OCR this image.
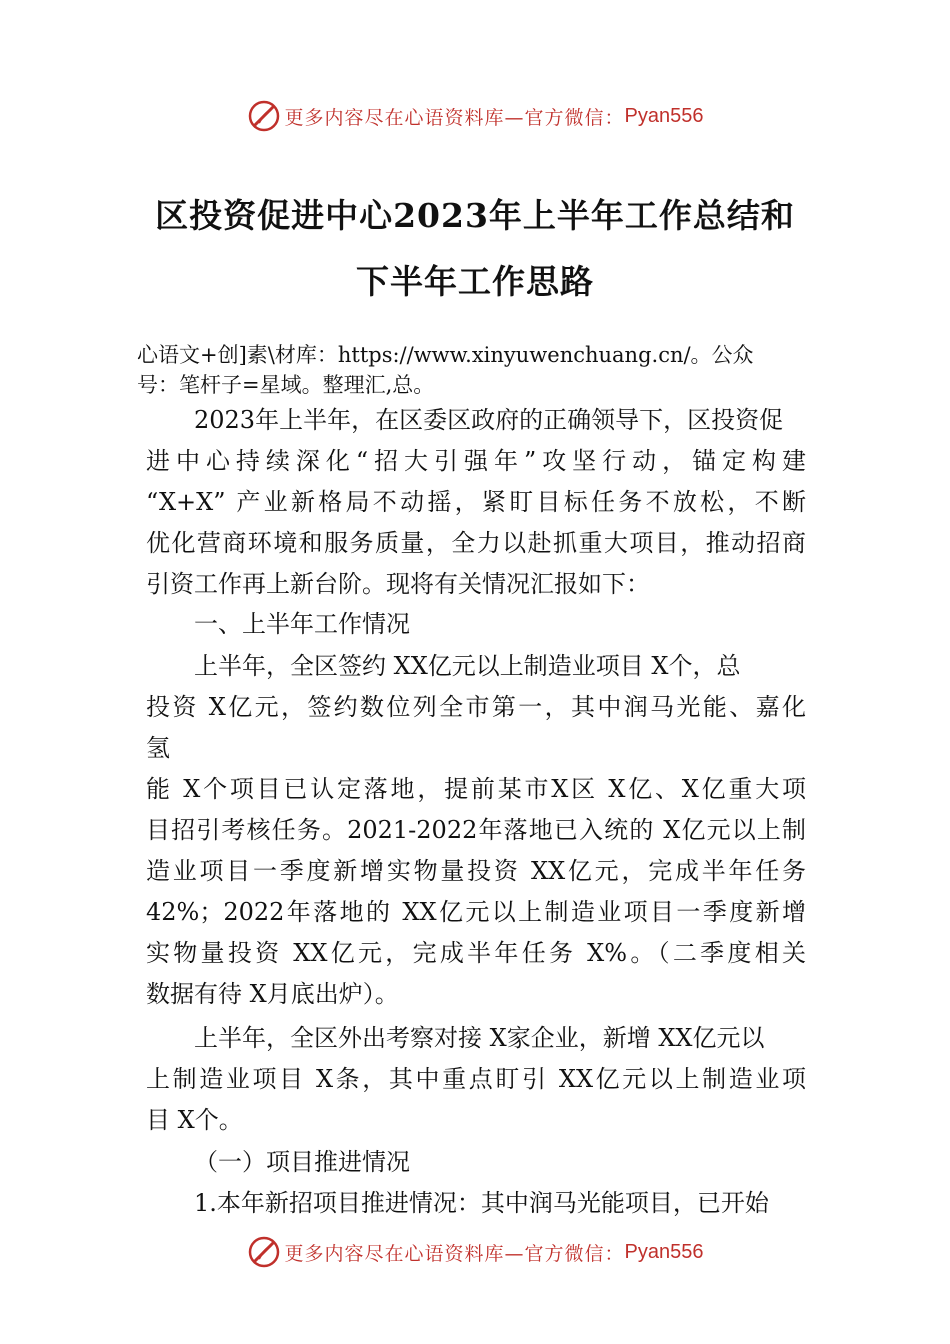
更多内容尽在心语资料库—官方微信： Pyan556
区投资促进中心2023年上半年工作总结和
下半年工作思路
心语文+创]素\材库：https://www.xinyuwenchuang.cn/。公众
号：笔杆子=星域。整理汇,总。
2023年上半年，在区委区政府的正确领导下，区投资促
进中心持续深化“招大引强年”攻坚行动，锚定构建
“X+X” 产业新格局不动摇，紧盯目标任务不放松，不断
优化营商环境和服务质量，全力以赴抓重大项目，推动招商
引资工作再上新台阶。现将有关情况汇报如下：
一、上半年工作情况
上半年，全区签约 XX亿元以上制造业项目 X个，总
投资 X亿元，签约数位列全市第一，其中润马光能、嘉化
氢
能 X个项目已认定落地，提前某市X区 X亿、X亿重大项
目招引考核任务。2021-2022年落地已入统的 X亿元以上制
造业项目一季度新增实物量投资 XX亿元，完成半年任务
42%；2022年落地的 XX亿元以上制造业项目一季度新增
实物量投资 XX亿元，完成半年任务 X%。（二季度相关
数据有待 X月底出炉）。
上半年，全区外出考察对接 X家企业，新增 XX亿元以
上制造业项目 X条，其中重点盯引 XX亿元以上制造业项
目 X个。
（一）项目推进情况
1.本年新招项目推进情况：其中润马光能项目，已开始
更多内容尽在心语资料库—官方微信： Pyan556
